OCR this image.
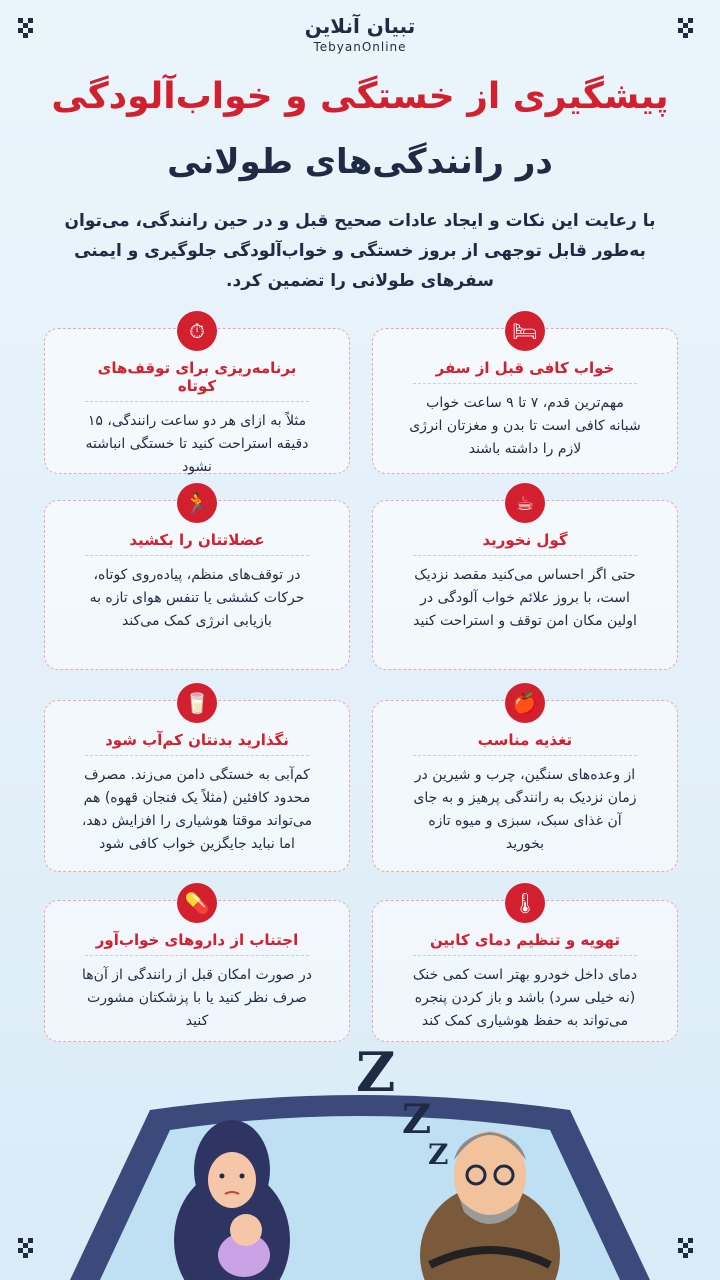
تبیان آنلاین
TebyanOnline
پیشگیری از خستگی و خواب‌آلودگی
در رانندگی‌های طولانی
با رعایت این نکات و ایجاد عادات صحیح قبل و در حین رانندگی، می‌توان به‌طور قابل توجهی از بروز خستگی و خواب‌آلودگی جلوگیری و ایمنی سفرهای طولانی را تضمین کرد.
🛏
خواب کافی قبل از سفر
مهم‌ترین قدم، ۷ تا ۹ ساعت خواب شبانه کافی است تا بدن و مغزتان انرژی لازم را داشته باشند
⏱
برنامه‌ریزی برای توقف‌های کوتاه
مثلاً به ازای هر دو ساعت رانندگی، ۱۵ دقیقه استراحت کنید تا خستگی انباشته نشود
☕
گول نخورید
حتی اگر احساس می‌کنید مقصد نزدیک است، با بروز علائم خواب آلودگی در اولین مکان امن توقف و استراحت کنید
🏃
عضلاتتان را بکشید
در توقف‌های منظم، پیاده‌روی کوتاه، حرکات کششی یا تنفس هوای تازه به بازیابی انرژی کمک می‌کند
🍎
تغذیه مناسب
از وعده‌های سنگین، چرب و شیرین در زمان نزدیک به رانندگی پرهیز و به جای آن غذای سبک، سبزی و میوه تازه بخورید
🥛
نگذارید بدنتان کم‌آب شود
کم‌آبی به خستگی دامن می‌زند. مصرف محدود کافئین (مثلاً یک فنجان قهوه) هم می‌تواند موقتا هوشیاری را افزایش دهد، اما نباید جایگزین خواب کافی شود
🌡
تهویه و تنظیم دمای کابین
دمای داخل خودرو بهتر است کمی خنک (نه خیلی سرد) باشد و باز کردن پنجره می‌تواند به حفظ هوشیاری کمک کند
💊
اجتناب از داروهای خواب‌آور
در صورت امکان قبل از رانندگی از آن‌ها صرف نظر کنید یا با پزشکتان مشورت کنید
Z
Z
Z
